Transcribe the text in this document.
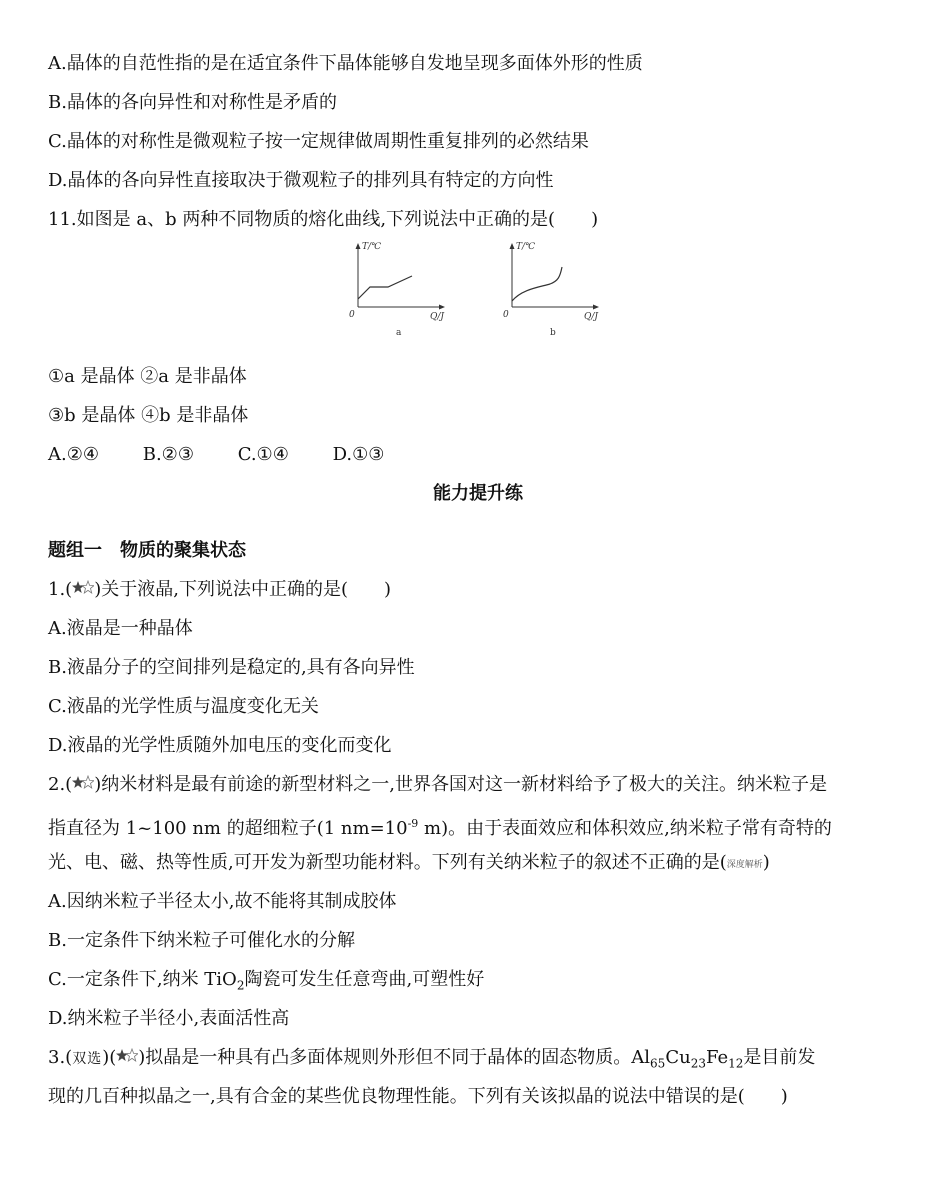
A.晶体的自范性指的是在适宜条件下晶体能够自发地呈现多面体外形的性质
B.晶体的各向异性和对称性是矛盾的
C.晶体的对称性是微观粒子按一定规律做周期性重复排列的必然结果
D.晶体的各向异性直接取决于微观粒子的排列具有特定的方向性
11.如图是 a、b 两种不同物质的熔化曲线,下列说法中正确的是(　　)
T/℃
0	Q/J
a
T/℃
0	Q/J
b
①a 是晶体 ②a 是非晶体
③b 是晶体 ④b 是非晶体
A.②④ B.②③ C.①④ D.①③
能力提升练
题组一　物质的聚集状态
1.( )关于液晶,下列说法中正确的是(　　)
A.液晶是一种晶体
B.液晶分子的空间排列是稳定的,具有各向异性
C.液晶的光学性质与温度变化无关
D.液晶的光学性质随外加电压的变化而变化
2.( )纳米材料是最有前途的新型材料之一,世界各国对这一新材料给予了极大的关注。纳米粒子是
指直径为 1~100 nm 的超细粒子(1 $nm=10^{-9}$ m)。由于表面效应和体积效应,纳米粒子常有奇特的
光、电、磁、热等性质,可开发为新型功能材料。下列有关纳米粒子的叙述不正确的是(深度解析)
A.因纳米粒子半径太小,故不能将其制成胶体
B.一定条件下纳米粒子可催化水的分解
C.一定条件下,纳米 TiO$_2$陶瓷可发生任意弯曲,可塑性好
D.纳米粒子半径小,表面活性高
3.(双选)( )拟晶是一种具有凸多面体规则外形但不同于晶体的固态物质。$Al_{65}Cu_{23}Fe_{12}$是目前发
现的几百种拟晶之一,具有合金的某些优良物理性能。下列有关该拟晶的说法中错误的是(　　)
